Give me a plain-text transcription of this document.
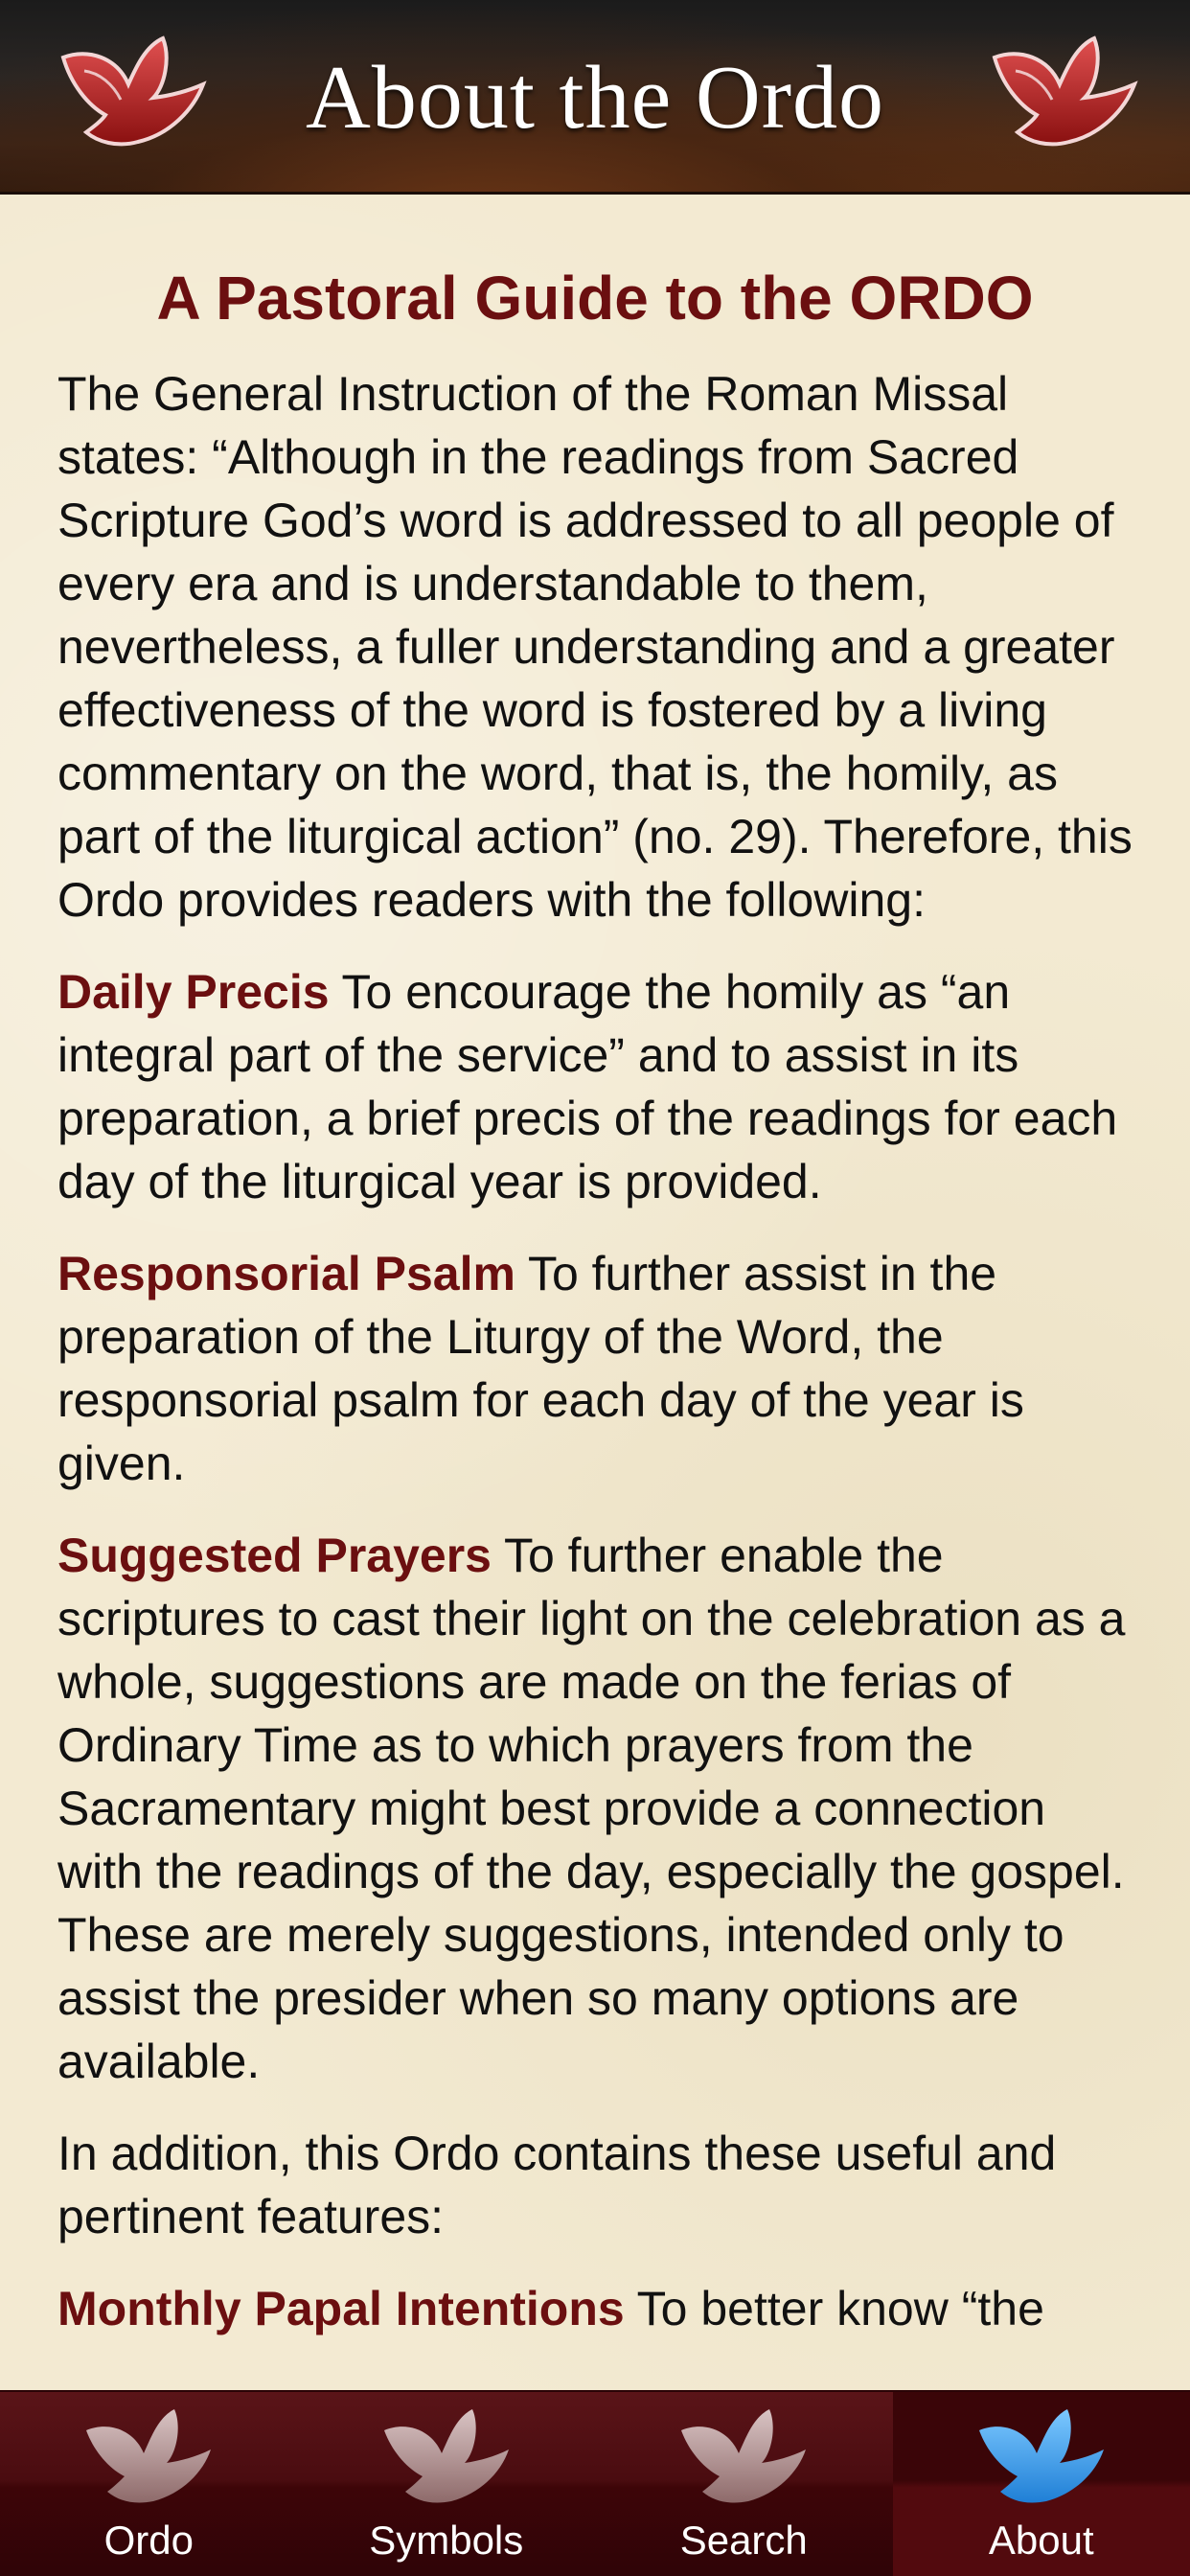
About the Ordo
A Pastoral Guide to the ORDO

The General Instruction of the Roman Missal states: “Although in the readings from Sacred Scripture God’s word is addressed to all people of every era and is understandable to them, nevertheless, a fuller understanding and a greater effectiveness of the word is fostered by a living commentary on the word, that is, the homily, as part of the liturgical action” (no. 29). Therefore, this Ordo provides readers with the following:

Daily Precis To encourage the homily as “an integral part of the service” and to assist in its preparation, a brief precis of the readings for each day of the liturgical year is provided.

Responsorial Psalm To further assist in the preparation of the Liturgy of the Word, the responsorial psalm for each day of the year is given.

Suggested Prayers To further enable the scriptures to cast their light on the celebration as a whole, suggestions are made on the ferias of Ordinary Time as to which prayers from the Sacramentary might best provide a connection with the readings of the day, especially the gospel. These are merely suggestions, intended only to assist the presider when so many options are available.

In addition, this Ordo contains these useful and pertinent features:

Monthly Papal Intentions To better know “the

Ordo	Symbols	Search	About
